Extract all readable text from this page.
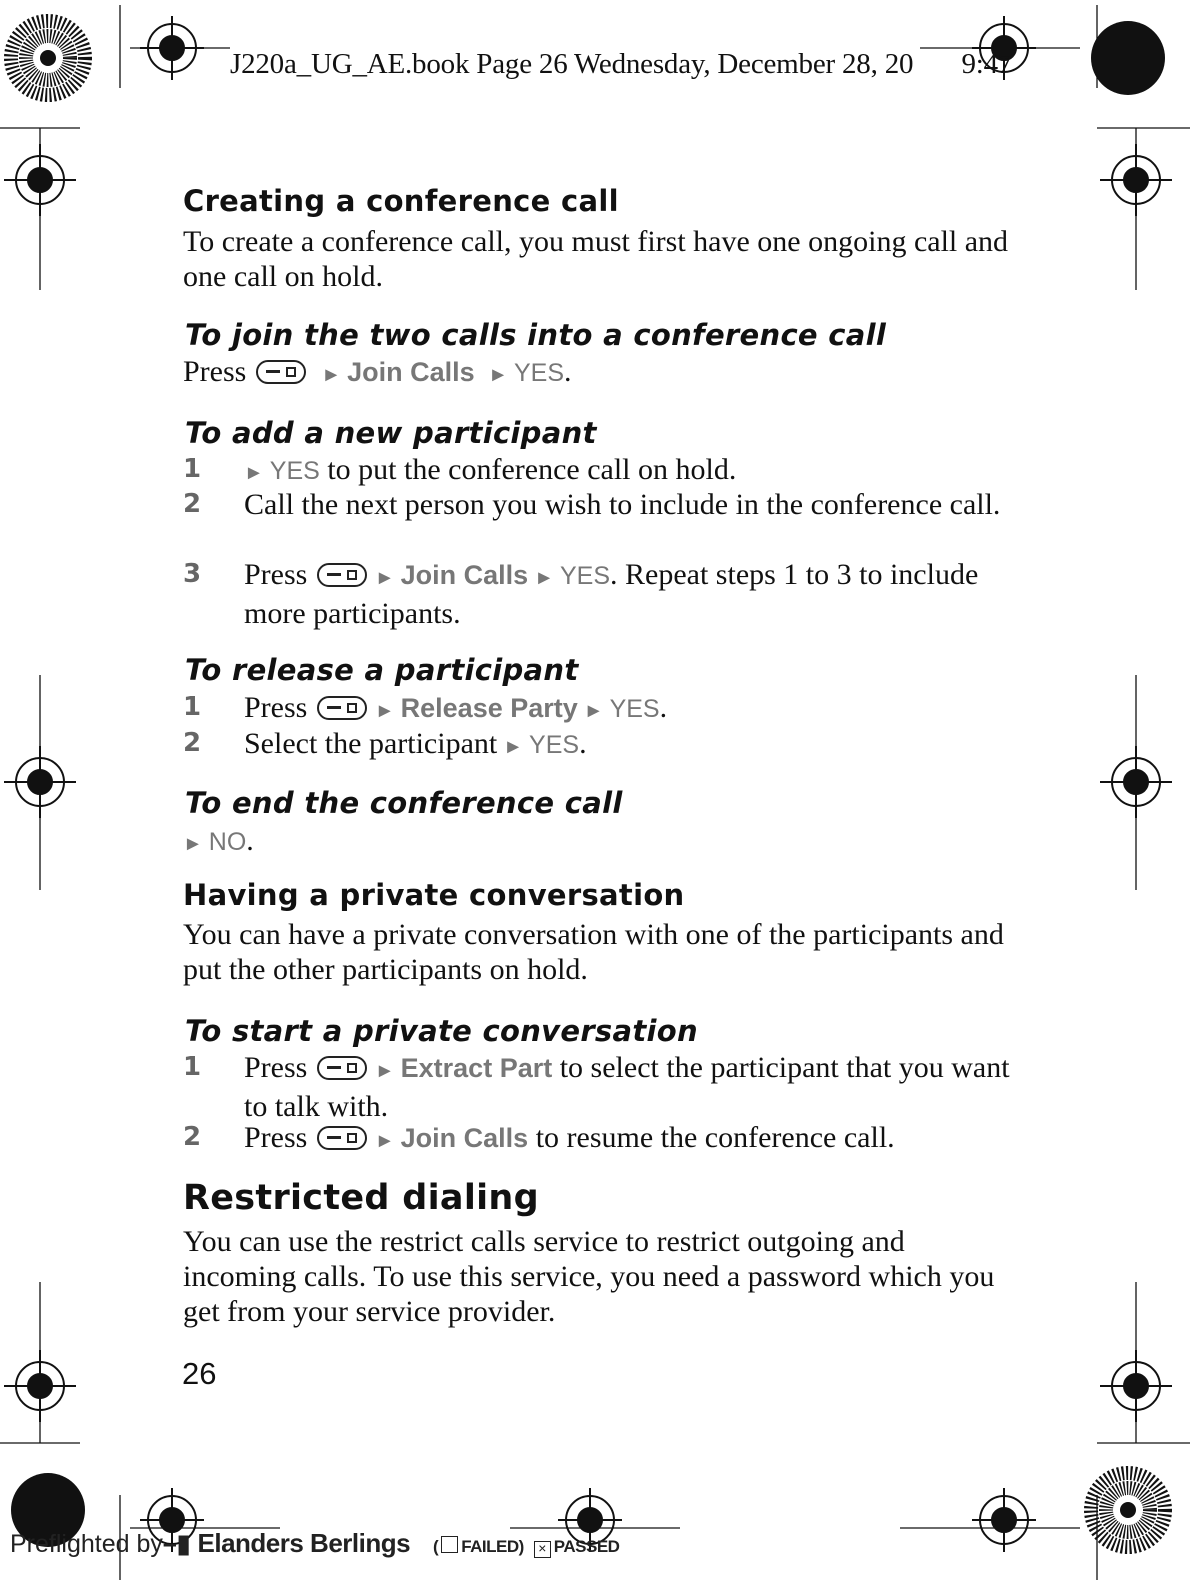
J220a_UG_AE.book Page 26 Wednesday, December 28, 20 9:47
Creating a conference call
To create a conference call, you must first have one ongoing call and one call on hold.
To join the two calls into a conference call
Press	► Join Calls ► YES.
To add a new participant
1 ► YES to put the conference call on hold.
2 Call the next person you wish to include in the conference call.
3 Press	► Join Calls ► YES. Repeat steps 1 to 3 to include more participants.
To release a participant
1 Press	► Release Party ► YES.
2 Select the participant ► YES.
To end the conference call
► NO.
Having a private conversation
You can have a private conversation with one of the participants and put the other participants on hold.
To start a private conversation
1 Press	► Extract Part to select the participant that you want to talk with.
2 Press	► Join Calls to resume the conference call.
Restricted dialing
You can use the restrict calls service to restrict outgoing and incoming calls. To use this service, you need a password which you get from your service provider.
26
Preflighted by–▮ Elanders Berlings ( FAILED) × PASSED
